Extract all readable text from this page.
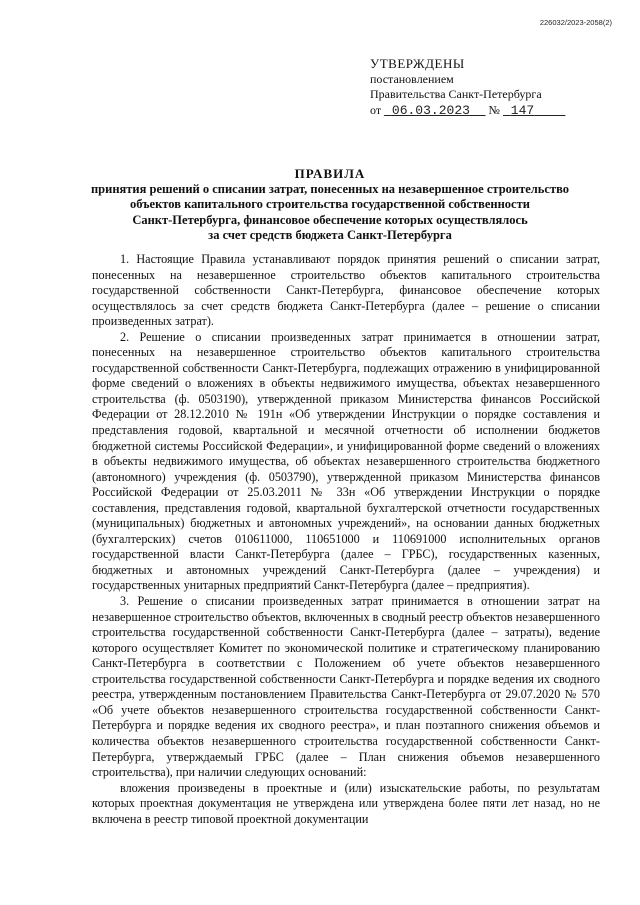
226032/2023-2058(2)
УТВЕРЖДЕНЫ
постановлением
Правительства Санкт-Петербурга
от 06.03.2023 № 147
ПРАВИЛА
принятия решений о списании затрат, понесенных на незавершенное строительство
объектов капитального строительства государственной собственности
Санкт-Петербурга, финансовое обеспечение которых осуществлялось
за счет средств бюджета Санкт-Петербурга

1. Настоящие Правила устанавливают порядок принятия решений о списании затрат, понесенных на незавершенное строительство объектов капитального строительства государственной собственности Санкт-Петербурга, финансовое обеспечение которых осуществлялось за счет средств бюджета Санкт-Петербурга (далее – решение о списании произведенных затрат).

2. Решение о списании произведенных затрат принимается в отношении затрат, понесенных на незавершенное строительство объектов капитального строительства государственной собственности Санкт-Петербурга, подлежащих отражению в унифицированной форме сведений о вложениях в объекты недвижимого имущества, объектах незавершенного строительства (ф. 0503190), утвержденной приказом Министерства финансов Российской Федерации от 28.12.2010 № 191н «Об утверждении Инструкции о порядке составления и представления годовой, квартальной и месячной отчетности об исполнении бюджетов бюджетной системы Российской Федерации», и унифицированной форме сведений о вложениях в объекты недвижимого имущества, об объектах незавершенного строительства бюджетного (автономного) учреждения (ф. 0503790), утвержденной приказом Министерства финансов Российской Федерации от 25.03.2011 № 33н «Об утверждении Инструкции о порядке составления, представления годовой, квартальной бухгалтерской отчетности государственных (муниципальных) бюджетных и автономных учреждений», на основании данных бюджетных (бухгалтерских) счетов 010611000, 110651000 и 110691000 исполнительных органов государственной власти Санкт-Петербурга (далее – ГРБС), государственных казенных, бюджетных и автономных учреждений Санкт-Петербурга (далее – учреждения) и государственных унитарных предприятий Санкт-Петербурга (далее – предприятия).

3. Решение о списании произведенных затрат принимается в отношении затрат на незавершенное строительство объектов, включенных в сводный реестр объектов незавершенного строительства государственной собственности Санкт-Петербурга (далее – затраты), ведение которого осуществляет Комитет по экономической политике и стратегическому планированию Санкт-Петербурга в соответствии с Положением об учете объектов незавершенного строительства государственной собственности Санкт-Петербурга и порядке ведения их сводного реестра, утвержденным постановлением Правительства Санкт-Петербурга от 29.07.2020 № 570 «Об учете объектов незавершенного строительства государственной собственности Санкт-Петербурга и порядке ведения их сводного реестра», и план поэтапного снижения объемов и количества объектов незавершенного строительства государственной собственности Санкт-Петербурга, утверждаемый ГРБС (далее – План снижения объемов незавершенного строительства), при наличии следующих оснований:

вложения произведены в проектные и (или) изыскательские работы, по результатам которых проектная документация не утверждена или утверждена более пяти лет назад, но не включена в реестр типовой проектной документации
